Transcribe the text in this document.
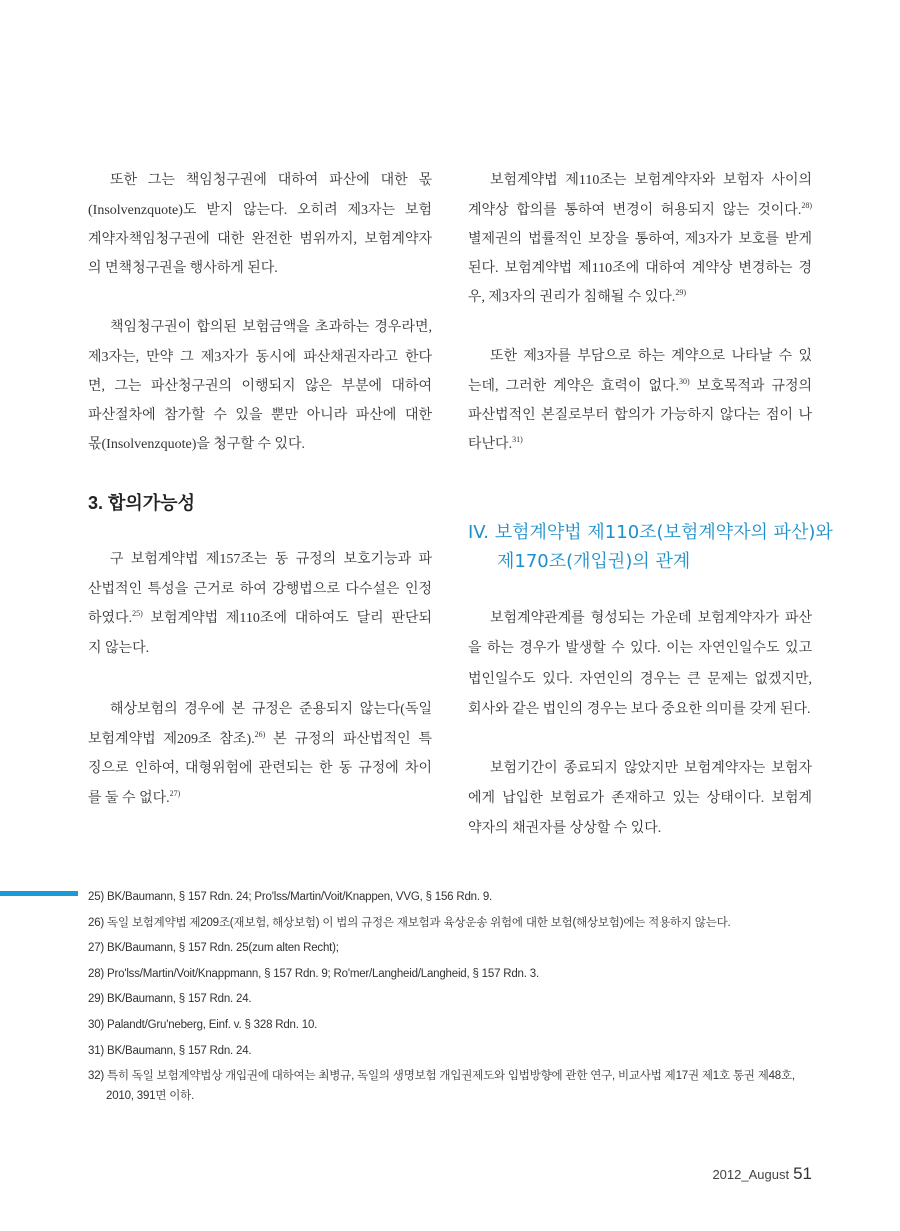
또한 그는 책임청구권에 대하여 파산에 대한 몫
(Insolvenzquote)도 받지 않는다. 오히려 제3자는 보험
계약자책임청구권에 대한 완전한 범위까지, 보험계약자
의 면책청구권을 행사하게 된다.
책임청구권이 합의된 보험금액을 초과하는 경우라면,
제3자는, 만약 그 제3자가 동시에 파산채권자라고 한다
면, 그는 파산청구권의 이행되지 않은 부분에 대하여
파산절차에 참가할 수 있을 뿐만 아니라 파산에 대한
몫(Insolvenzquote)을 청구할 수 있다.
3. 합의가능성
구 보험계약법 제157조는 동 규정의 보호기능과 파
산법적인 특성을 근거로 하여 강행법으로 다수설은 인정
하였다.$^{25)}$ 보험계약법 제110조에 대하여도 달리 판단되
지 않는다.
해상보험의 경우에 본 규정은 준용되지 않는다(독일
보험계약법 제209조 참조).$^{26)}$ 본 규정의 파산법적인 특
징으로 인하여, 대형위험에 관련되는 한 동 규정에 차이
를 둘 수 없다.$^{27)}$
보험계약법 제110조는 보험계약자와 보험자 사이의
계약상 합의를 통하여 변경이 허용되지 않는 것이다.$^{28)}$
별제권의 법률적인 보장을 통하여, 제3자가 보호를 받게
된다. 보험계약법 제110조에 대하여 계약상 변경하는 경
우, 제3자의 권리가 침해될 수 있다.$^{29)}$
또한 제3자를 부담으로 하는 계약으로 나타날 수 있
는데, 그러한 계약은 효력이 없다.$^{30)}$ 보호목적과 규정의
파산법적인 본질로부터 합의가 가능하지 않다는 점이 나
타난다.$^{31)}$
IV. 보험계약법 제110조(보험계약자의 파산)와
제170조(개입권)의 관계
보험계약관계를 형성되는 가운데 보험계약자가 파산
을 하는 경우가 발생할 수 있다. 이는 자연인일수도 있고
법인일수도 있다. 자연인의 경우는 큰 문제는 없겠지만,
회사와 같은 법인의 경우는 보다 중요한 의미를 갖게 된다.
보험기간이 종료되지 않았지만 보험계약자는 보험자
에게 납입한 보험료가 존재하고 있는 상태이다. 보험계
약자의 채권자를 상상할 수 있다.
25) BK/Baumann, § 157 Rdn. 24; Pro'lss/Martin/Voit/Knappen, VVG, § 156 Rdn. 9.
26) 독일 보험계약법 제209조(재보험, 해상보험) 이 법의 규정은 재보험과 육상운송 위험에 대한 보험(해상보험)에는 적용하지 않는다.
27) BK/Baumann, § 157 Rdn. 25(zum alten Recht);
28) Pro'lss/Martin/Voit/Knappmann, § 157 Rdn. 9; Ro'mer/Langheid/Langheid, § 157 Rdn. 3.
29) BK/Baumann, § 157 Rdn. 24.
30) Palandt/Gru'neberg, Einf. v. § 328 Rdn. 10.
31) BK/Baumann, § 157 Rdn. 24.
32) 특히 독일 보험계약법상 개입권에 대하여는 최병규, 독일의 생명보험 개입권제도와 입법방향에 관한 연구, 비교사법 제17권 제1호 통권 제48호,
2010, 391면 이하.
2012_August 51
